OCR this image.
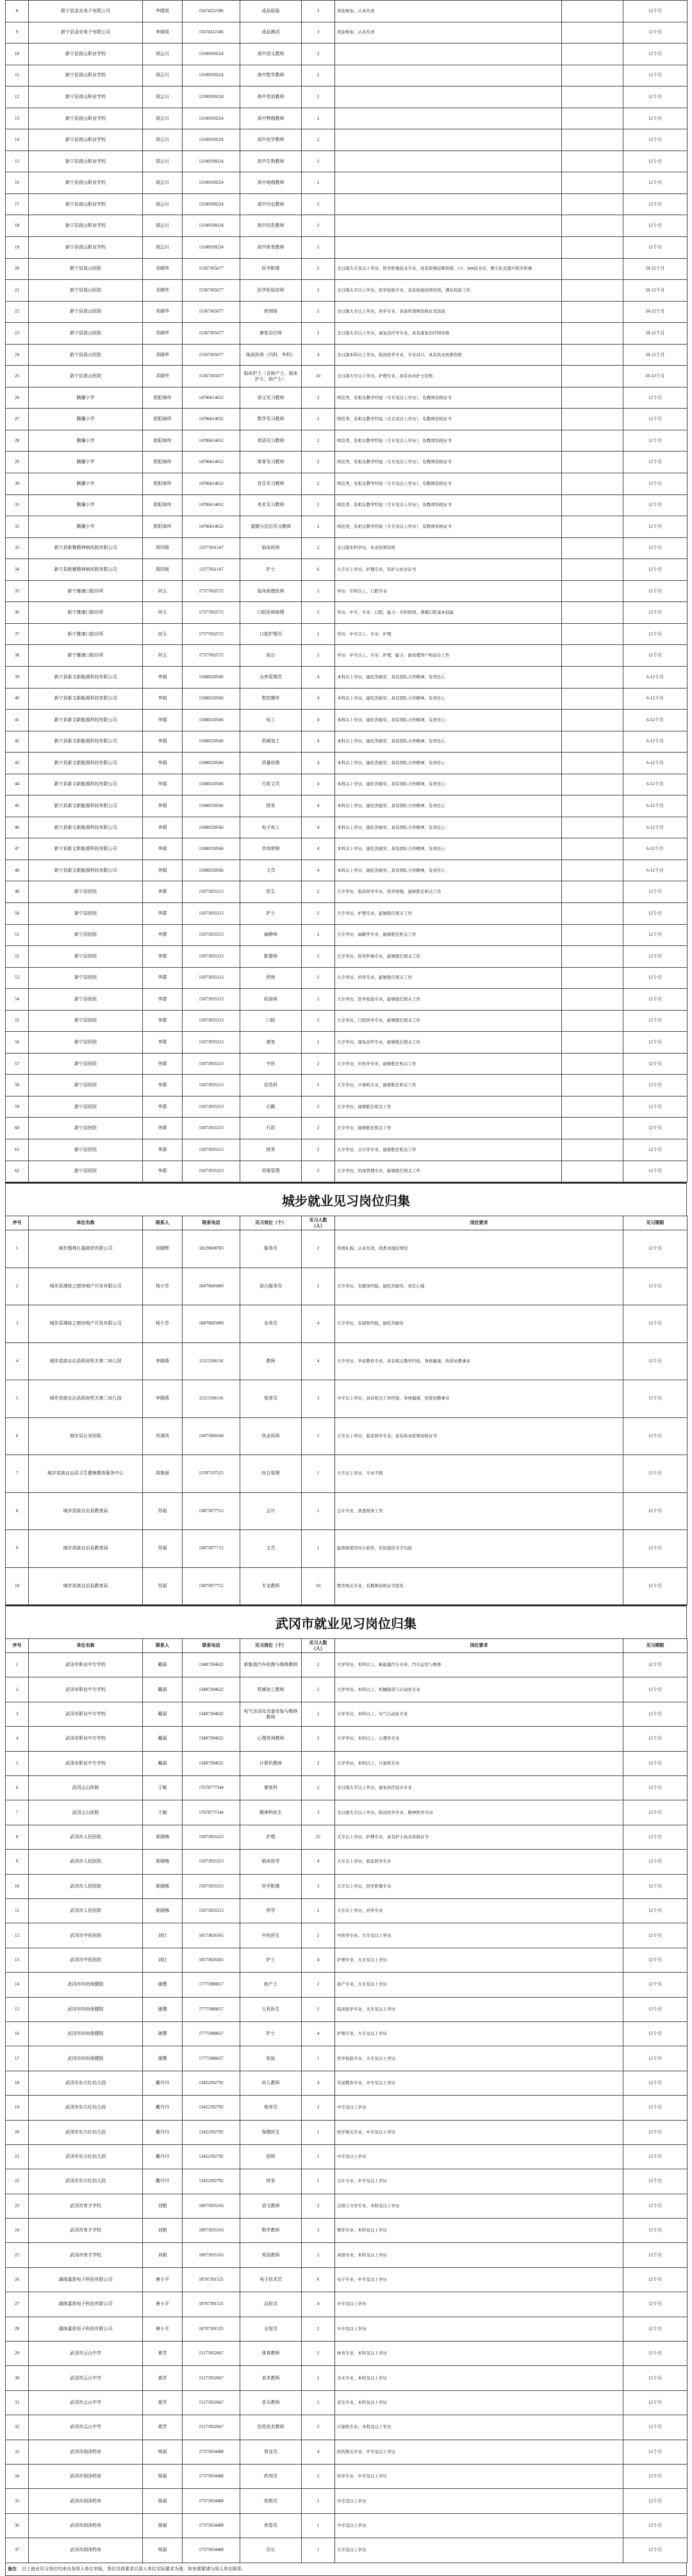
8	新宁县金业电子有限公司	李晓岚	15674222186	成品检验	3	欢迎参加，认真负责		12个月
9	新宁县金业电子有限公司	李晓岚	15674222186	成品测试	3	欢迎参加，认真负责		12个月
10	新宁县崀山职业学校	胡云川	13100599224	高中语文教师	2			12个月
11	新宁县崀山职业学校	胡云川	13100599224	高中数学教师	2			12个月
12	新宁县崀山职业学校	胡云川	13100599224	高中英语教师	2			12个月
13	新宁县崀山职业学校	胡云川	13100599224	高中物理教师	2			12个月
14	新宁县崀山职业学校	胡云川	13100599224	高中化学教师	2			12个月
15	新宁县崀山职业学校	胡云川	13100599224	高中生物教师	2			12个月
16	新宁县崀山职业学校	胡云川	13100599224	高中地理教师	2			12个月
17	新宁县崀山职业学校	胡云川	13100599224	高中历史教师	2			12个月
18	新宁县崀山职业学校	胡云川	13100599224	高中信息教师	2			12个月
19	新宁县崀山职业学校	胡云川	13100599224	高中体育教师	2			12个月
20	新宁县崀山医院	邓晓华	15367365677	医学影像	2	全日制大专及以上学历，医学影像技术专业，具有影像技师资格，CT、MR技术员、数字化及超声医学影像		10-12个月
21	新宁县崀山医院	邓晓华	15367365677	医学检验技师	2	全日制大专以上学历，医学检验专业，具有检验技师资格，满足检验工作		10-12个月
22	新宁县崀山医院	邓晓华	15367365677	药剂师	2	全日制大专以上学历，药学专业，具备药剂师资格证及资质		10-12个月
23	新宁县崀山医院	邓晓华	15367365677	康复治疗师	2	全日制大专以上学历，康复治疗学专业，具有康复治疗师资格		10-12个月
24	新宁县崀山医院	邓晓华	15367365677	临床医师（内科、外科）	4	全日制本科以上学历，临床医学专业，专业对口，具有执业医师资格		10-12个月
25	新宁县崀山医院	邓晓华	15367365677	临床护士（含助产士、临床护士、助产士）	10	全日制大专以上学历，护理专业，具有执业护士资格		10-12个月
26	腾骧小学	欧阳海珍	14786614652	语文见习教师	2	师范类，有相关教学经验（大专及以上学历），有教师资格证书		12个月
27	腾骧小学	欧阳海珍	14786614652	数学见习教师	2	师范类，有相关教学经验（大专及以上学历），有教师资格证书		12个月
28	腾骧小学	欧阳海珍	14786614652	英语见习教师	2	师范类，有相关教学经验（大专及以上学历），有教师资格证书		12个月
29	腾骧小学	欧阳海珍	14786614652	体育见习教师	2	师范类，有相关教学经验（大专及以上学历），有教师资格证书		12个月
30	腾骧小学	欧阳海珍	14786614652	音乐见习教师	2	师范类，有相关教学经验（大专及以上学历），有教师资格证书		12个月
31	腾骧小学	欧阳海珍	14786614652	美术见习教师	2	师范类，有相关教学经验（大专及以上学历），有教师资格证书		12个月
32	腾骧小学	欧阳海珍	14786614652	道德与法治见习教师	2	师范类，有相关教学经验（大专及以上学历），有教师资格证书		12个月
33	新宁县新雅精神病医院有限公司	蒋四姐	13377661147	临床医师	2	全日制本科学历，执业医师资格		12个月
34	新宁县新雅精神病医院有限公司	蒋四姐	13377661147	护士	6	大专以上学历，护理专业，有护士执业证书		12个月
35	新宁雅康口腔诊所	何玉	17377692572	临床助理医师	2	学历：专科以上，口腔专业		12个月
36	新宁雅康口腔诊所	何玉	17377692572	口腔医师助理	2	学历：中专，专业：口腔，能力：专科医师，掌握口腔基本技能		12个月
37	新宁雅康口腔诊所	何玉	17377692572	口腔护理员	2	学历：中专以上，专业：护理		12个月
38	新宁雅康口腔诊所	何玉	17377692572	前台	2	学历：中专以上，专业：护理，能力：能处理客户和前台工作		12个月
39	新宁县新文新能源科技有限公司	李娟	15680230566	仓库管理员	4	本科以上学历，能吃苦耐劳，具有团队合作精神，有责任心		6-12个月
40	新宁县新文新能源科技有限公司	李娟	15680230566	数控操作	4	本科以上学历，能吃苦耐劳，具有团队合作精神，有责任心		6-12个月
41	新宁县新文新能源科技有限公司	李娟	15680230566	电工	4	本科以上学历，能吃苦耐劳，具有团队合作精神，有责任心		6-12个月
42	新宁县新文新能源科技有限公司	李娟	15680230566	机械加工	4	本科以上学历，能吃苦耐劳，具有团队合作精神，有责任心		6-12个月
43	新宁县新文新能源科技有限公司	李娟	15680230566	质量检测	4	本科以上学历，能吃苦耐劳，具有团队合作精神，有责任心		6-12个月
44	新宁县新文新能源科技有限公司	李娟	15680230566	行政文员	4	本科以上学历，能吃苦耐劳，具有团队合作精神，有责任心		6-12个月
45	新宁县新文新能源科技有限公司	李娟	15680230566	财务	4	本科以上学历，能吃苦耐劳，具有团队合作精神，有责任心		6-12个月
46	新宁县新文新能源科技有限公司	李娟	15680230566	电子电工	4	本科以上学历，能吃苦耐劳，具有团队合作精神，有责任心		6-12个月
47	新宁县新文新能源科技有限公司	李娟	15680230566	市场营销	4	本科以上学历，能吃苦耐劳，具有团队合作精神，有责任心		6-12个月
48	新宁县新文新能源科技有限公司	李娟	15680230566	文员	4	本科以上学历，能吃苦耐劳，具有团队合作精神，有责任心		6-12个月
49	新宁县医院	李群	15073935313	医生	2	大专学历，临床医学专业，医学影像，能够胜任相关工作		12个月
50	新宁县医院	李群	15073935313	护士	2	大专学历，护理专业，能够胜任相关工作		12个月
51	新宁县医院	李群	15073935313	麻醉师	2	大专学历，麻醉学专业，能够胜任相关工作		12个月
52	新宁县医院	李群	15073935313	影像师	2	大专学历，医学影像专业，能够胜任相关工作		12个月
53	新宁县医院	李群	15073935313	药师	2	大专学历，药学专业，能够胜任相关工作		12个月
54	新宁县医院	李群	15073935313	检验师	2	大专学历，医学检验专业，能够胜任相关工作		12个月
55	新宁县医院	李群	15073935313	口腔	2	大专学历，口腔医学专业，能够胜任相关工作		12个月
56	新宁县医院	李群	15073935313	康复	2	大专学历，康复治疗专业，能够胜任相关工作		12个月
57	新宁县医院	李群	15073935313	中医	2	大专学历，中医学专业，能够胜任相关工作		12个月
58	新宁县医院	李群	15073935313	信息科	2	大专学历，计算机专业，能够胜任相关工作		12个月
59	新宁县医院	李群	15073935313	后勤	2	大专学历，能够胜任相关工作		12个月
60	新宁县医院	李群	15073935313	行政	2	大专学历，能够胜任相关工作		12个月
61	新宁县医院	李群	15073935313	财务	2	大专学历，会计学专业，能够胜任相关工作		12个月
62	新宁县医院	李群	15073935313	档案管理	2	大专学历，档案管理专业，能够胜任相关工作		12个月
城步就业见习岗位归集
序号	单位名称	联系人	联系电话	见习岗位（个）	见习人数（人）	岗位要求	见习期限
1	城步儒林长福商贸有限公司	刘晓辉	18229608783	服务员	2	热情礼貌，认真负责，熟悉本地区情况	12个月
2	城步县湘桂之窗房地产开发有限公司	杨小芳	18479685809	前台服务员	2	大专学历，有服务经验，能吃苦耐劳，责任心强	12个月
3	城步县湘桂之窗房地产开发有限公司	杨小芳	18479685809	业务员	4	大专学历，有销售经验，能吃苦耐劳	12个月
4	城步苗族自治县政府机关第二幼儿园	李晓燕	15211596116	教师	4	大专学历，学前教育专业，具有相关教学经验，身体健康，热爱幼教事业	12个月
5	城步苗族自治县政府机关第二幼儿园	李晓燕	15211596116	保育员	2	中专以上学历，具有相关工作经验，身体健康，热爱幼教事业	12个月
6	城步县长安医院	肖满凤	15873990168	执业医师	5	大专以上学历，临床医学专业，具有执业医师资格证书	12个月
7	城步苗族自治县卫生健康教育服务中心	周艳丽	13787197525	综合管理	1	大专以上学历，专业不限	12个月
8	城步苗族自治县教育局	苏丽	13873977712	会计	1	会计专业，熟悉财务工作	12个月
9	城步苗族自治县教育局	苏丽	13873977712	文员	1	能熟练使用办公软件，有较强的文字功底	12个月
10	城步苗族自治县教育局	苏丽	13873977712	专业教师	10	教育相关专业，有教师资格证书优先	12个月
武冈市就业见习岗位归集
序号	单位名称	联系人	联系电话	见习岗位（个）	见习人数（人）	岗位要求	见习期限
1	武冈市职业中专学校	戴丽	13487394622	新能源汽车检测与维修教师	2	大学学历，本科以上，新能源汽车专业，汽车运用与维修	12个月
2	武冈市职业中专学校	戴丽	13487394622	机械加工教师	2	大学学历，本科以上，机械制造与自动化专业	12个月
3	武冈市职业中专学校	戴丽	13487394622	电气自动化设备安装与维修教师	2	大学学历，本科以上，电气自动化专业	12个月
4	武冈市职业中专学校	戴丽	13487394622	心理咨询教师	2	大学学历，本科以上，心理学专业	12个月
5	武冈市职业中专学校	戴丽	13487394622	计算机教师	2	大学学历，本科以上，计算机专业	12个月
6	武冈云山医院	王敏	17678777344	康复科	2	全日制大专以上学历，康复治疗技术专业	12个月
7	武冈云山医院	王敏	17678777344	精神科医生	3	全日制大专以上学历，临床医学专业，精神医学方向	12个月
8	武冈市人民医院	夏晓梅	15073935313	护理	25	大专以上学历，护理专业，具有护士执业资格证书	12个月
9	武冈市人民医院	夏晓梅	15073935313	临床医学	4	大专以上学历，临床医学专业	12个月
10	武冈市人民医院	夏晓梅	15073935313	医学影像	2	大专以上学历，医学影像专业	12个月
11	武冈市人民医院	夏晓梅	15073935313	药学	2	大专以上学历，药学专业	12个月
12	武冈市中医医院	刘红	18173826565	中医医生	2	中医学专业，大专及以上学历	12个月
13	武冈市中医医院	刘红	18173826565	护士	4	护理专业，大专及以上学历	12个月
14	武冈市妇幼保健院	谢慧	17775988657	助产士	2	助产专业，大专及以上学历	12个月
15	武冈市妇幼保健院	谢慧	17775988657	儿科医生	2	临床医学专业，大专及以上学历	12个月
16	武冈市妇幼保健院	谢慧	17775988657	护士	4	护理专业，大专及以上学历	12个月
17	武冈市妇幼保健院	谢慧	17775988657	检验	1	医学检验专业，大专及以上学历	12个月
18	武冈市东方红幼儿园	戴丹丹	13422392792	幼儿教师	4	学前教育专业，中专及以上学历	12个月
19	武冈市东方红幼儿园	戴丹丹	13422392792	保育员	2	中专及以上学历	12个月
20	武冈市东方红幼儿园	戴丹丹	13422392792	保健医生	1	医学相关专业，中专及以上学历	12个月
21	武冈市东方红幼儿园	戴丹丹	13422392792	厨师	1	中专及以上学历	12个月
22	武冈市东方红幼儿园	戴丹丹	13422392792	财务	1	会计专业，中专及以上学历	12个月
23	武冈市育才学校	刘艳	18973935316	语文教师	2	汉语言文学专业，本科及以上学历	12个月
24	武冈市育才学校	刘艳	18973935316	数学教师	2	数学专业，本科及以上学历	12个月
25	武冈市育才学校	刘艳	18973935316	英语教师	2	英语专业，本科及以上学历	12个月
26	湖南嘉恩电子科技有限公司	唐小平	18707391525	电子技术员	6	电子专业，中专及以上学历	12个月
27	湖南嘉恩电子科技有限公司	唐小平	18707391525	品检员	4	中专及以上学历	12个月
28	湖南嘉恩电子科技有限公司	唐小平	18707391525	仓管员	2	中专及以上学历	12个月
29	武冈市云山中学	黄芳	15173932667	体育教师	2	体育专业，本科及以上学历	12个月
30	武冈市云山中学	黄芳	15173932667	美术教师	2	美术专业，本科及以上学历	12个月
31	武冈市云山中学	黄芳	15173932667	音乐教师	2	音乐专业，本科及以上学历	12个月
32	武冈市云山中学	黄芳	15173932667	信息技术教师	2	计算机专业，本科及以上学历	12个月
33	武冈市润泽药房	杨丽	17373934488	营业员	4	医药相关专业，中专及以上学历	12个月
34	武冈市润泽药房	杨丽	17373934488	药剂员	2	药学专业，中专及以上学历	12个月
35	武冈市润泽药房	杨丽	17373934488	收银员	2	中专及以上学历	12个月
36	武冈市润泽药房	杨丽	17373934488	库管员	1	中专及以上学历	12个月
37	武冈市润泽药房	杨丽	17373934488	店长	1	大专及以上学历	12个月
备注	以上就业见习岗位均来自各用人单位申报，岗位具体要求以用人单位实际要求为准，如有需要请与用人单位联系。
